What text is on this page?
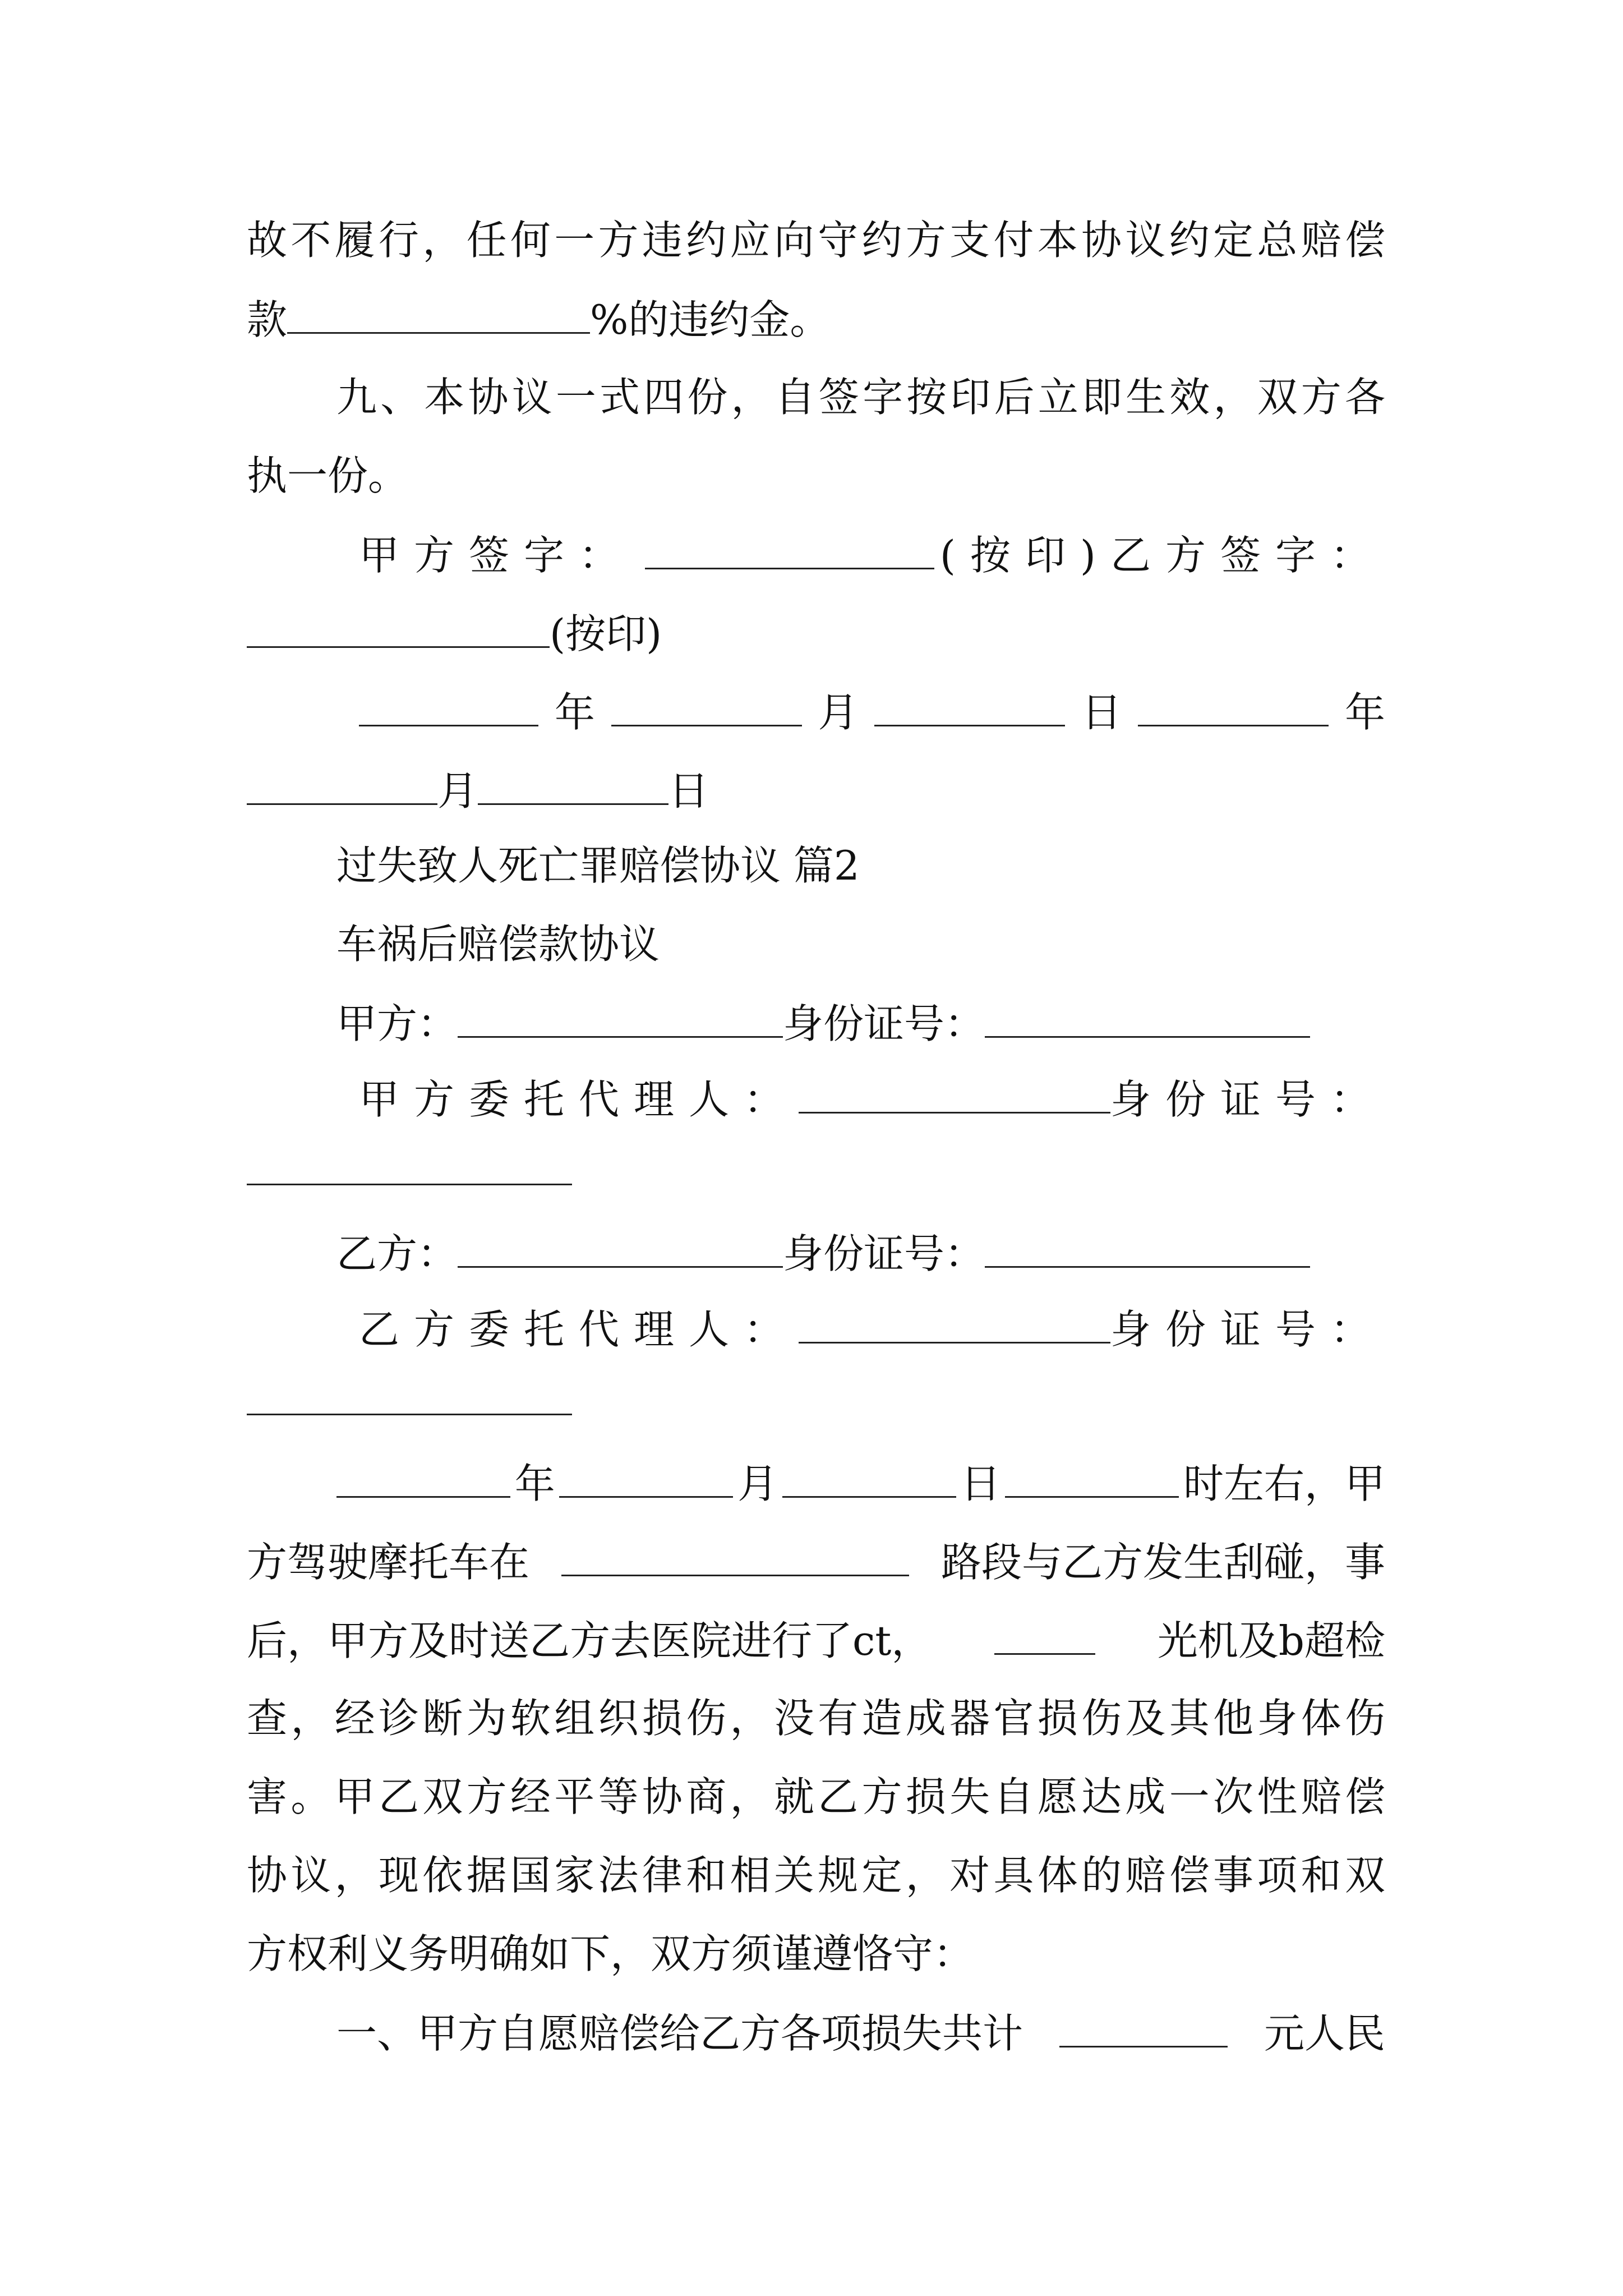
故不履行，任何一方违约应向守约方支付本协议约定总赔偿
款	%的违约金。
九、本协议一式四份，自签字按印后立即生效，双方各
执一份。
甲方签字：	(按印)乙方签字：
(按印)
年	月	日	年
月	日
过失致人死亡罪赔偿协议 篇2
车祸后赔偿款协议
甲方：	身份证号：
甲方委托代理人：	身份证号：
乙方：	身份证号：
乙方委托代理人：	身份证号：
年	月	日	时左右，甲
方驾驶摩托车在	路段与乙方发生刮碰，事
后，甲方及时送乙方去医院进行了ct，	光机及b超检
查，经诊断为软组织损伤，没有造成器官损伤及其他身体伤
害。甲乙双方经平等协商，就乙方损失自愿达成一次性赔偿
协议，现依据国家法律和相关规定，对具体的赔偿事项和双
方权利义务明确如下，双方须谨遵恪守：
一、甲方自愿赔偿给乙方各项损失共计	元人民
